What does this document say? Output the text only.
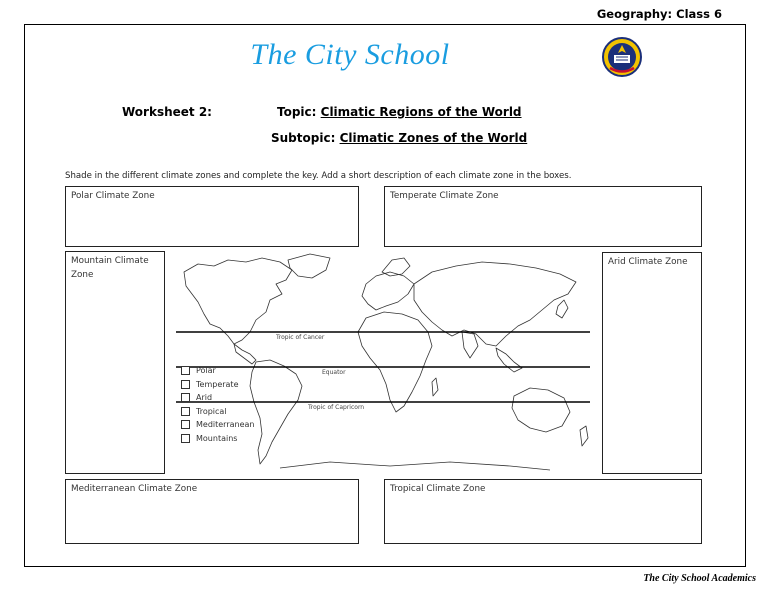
Geography: Class 6
The City School
Worksheet 2:	Topic: Climatic Regions of the World
Subtopic: Climatic Zones of the World
Shade in the different climate zones and complete the key. Add a short description of each climate zone in the boxes.
Polar Climate Zone	Temperate Climate Zone
Mountain Climate Zone
Arid Climate Zone
Mediterranean Climate Zone	Tropical Climate Zone
Tropic of Cancer
Equator
Tropic of Capricorn
Polar
Temperate
Arid
Tropical
Mediterranean
Mountains
The City School Academics
